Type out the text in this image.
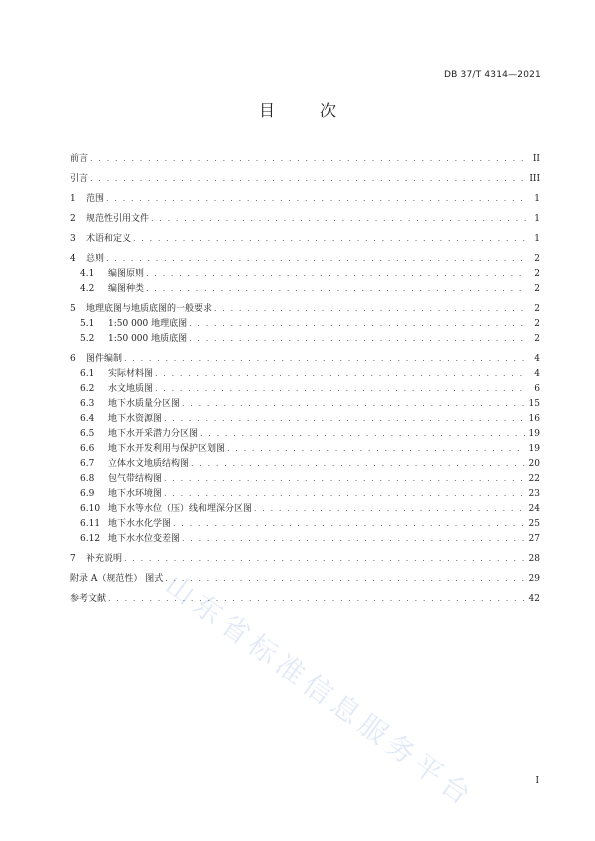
DB 37/T 4314—2021
目 次
前言 . . .	II
引言 . . .	III
1	范围 . . .	1
2	规范性引用文件 . . .	1
3	术语和定义 . . .	1
4	总则 . . .	2
4.1	编图原则 . . .	2
4.2	编图种类 . . .	2
5	地理底图与地质底图的一般要求 . . .	2
5.1	1:50 000 地理底图 . . .	2
5.2	1:50 000 地质底图 . . .	2
6	图件编制 . . .	4
6.1	实际材料图 . . .	4
6.2	水文地质图 . . .	6
6.3	地下水质量分区图 . . .	15
6.4	地下水资源图 . . .	16
6.5	地下水开采潜力分区图 . . .	19
6.6	地下水开发利用与保护区划图 . . .	19
6.7	立体水文地质结构图 . . .	20
6.8	包气带结构图 . . .	22
6.9	地下水环境图 . . .	23
6.10 地下水等水位（压）线和埋深分区图 . . .	24
6.11 地下水水化学图 . . .	25
6.12 地下水水位变差图 . . .	27
7	补充说明 . . .	28
附录 A（规范性） 图式 . . .	29
参考文献 . . .	42
山东省标准信息服务平台	I
